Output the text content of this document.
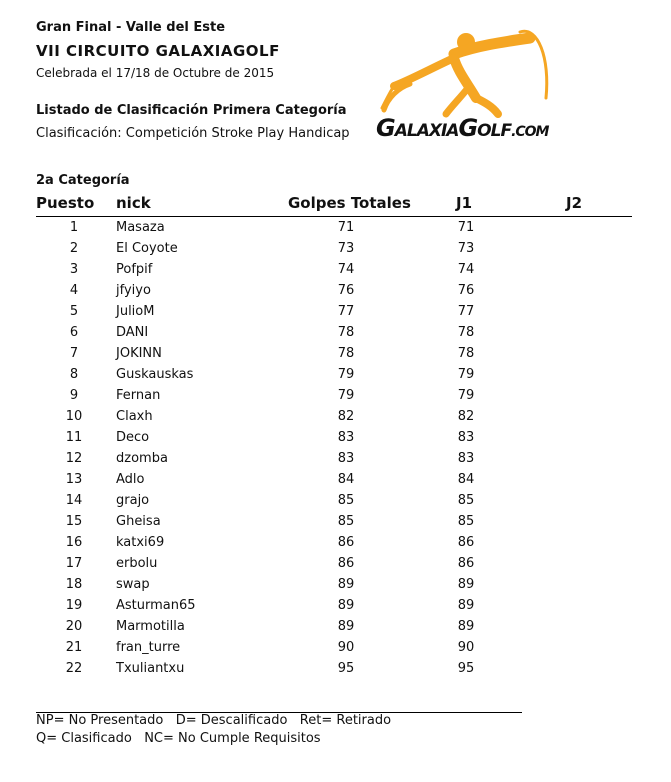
Gran Final - Valle del Este
VII CIRCUITO GALAXIAGOLF
Celebrada el 17/18 de Octubre de 2015
Listado de Clasificación Primera Categoría
Clasificación: Competición Stroke Play Handicap
2a Categoría
GALAXIAGOLF.COM
Puesto nick	Golpes Totales	J1	J2
1	Masaza	71	71
2	El Coyote	73	73
3	Pofpif	74	74
4	jfyiyo	76	76
5	JulioM	77	77
6	DANI	78	78
7	JOKINN	78	78
8	Guskauskas	79	79
9	Fernan	79	79
10	Claxh	82	82
11	Deco	83	83
12	dzomba	83	83
13	Adlo	84	84
14	grajo	85	85
15	Gheisa	85	85
16	katxi69	86	86
17	erbolu	86	86
18	swap	89	89
19	Asturman65	89	89
20	Marmotilla	89	89
21	fran_turre	90	90
22	Txuliantxu	95	95
NP= No Presentado   D= Descalificado   Ret= Retirado
Q= Clasificado   NC= No Cumple Requisitos
